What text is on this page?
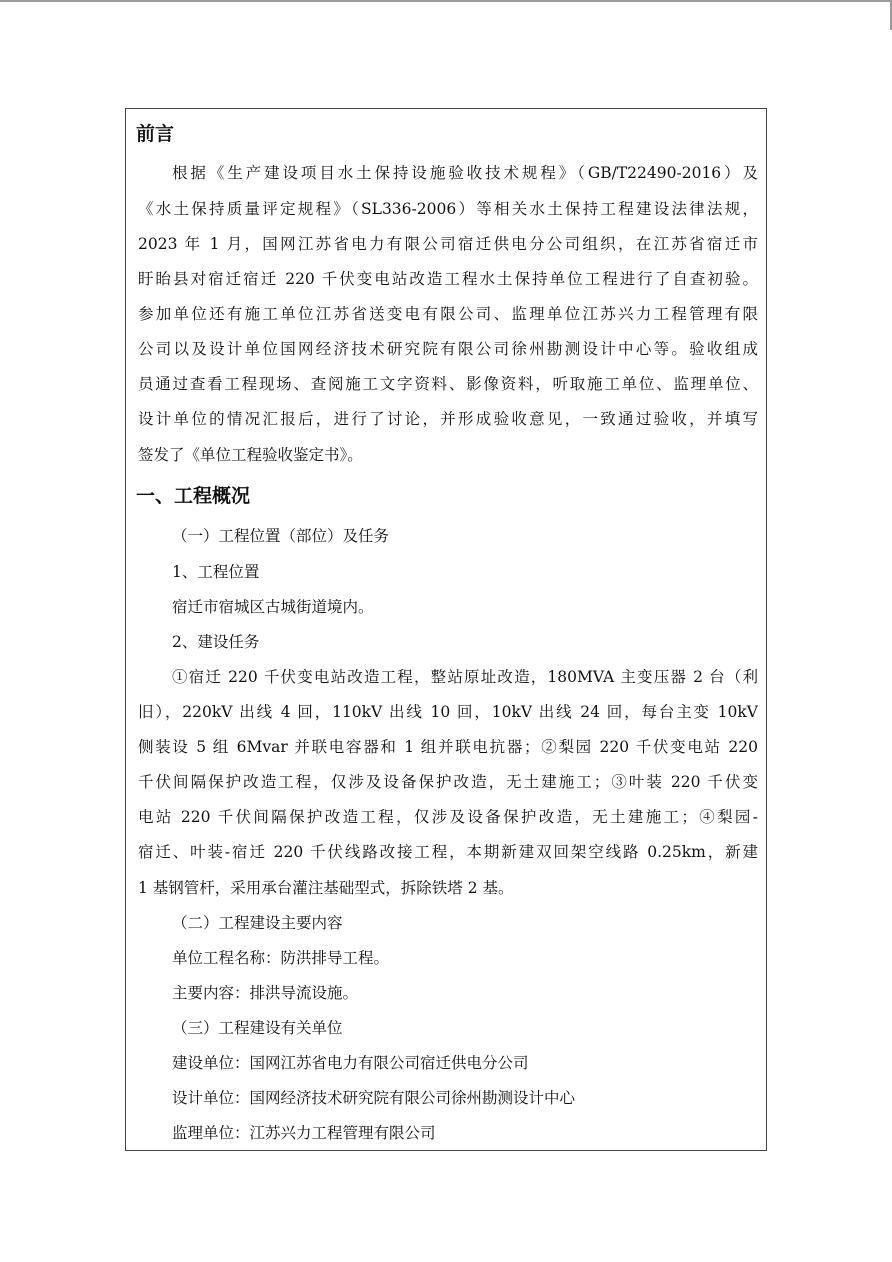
前言
根据《生产建设项目水土保持设施验收技术规程》（GB/T22490-2016）及
《水土保持质量评定规程》（SL336-2006）等相关水土保持工程建设法律法规，
2023 年 1 月，国网江苏省电力有限公司宿迁供电分公司组织，在江苏省宿迁市
盱眙县对宿迁宿迁 220 千伏变电站改造工程水土保持单位工程进行了自查初验。
参加单位还有施工单位江苏省送变电有限公司、监理单位江苏兴力工程管理有限
公司以及设计单位国网经济技术研究院有限公司徐州勘测设计中心等。验收组成
员通过查看工程现场、查阅施工文字资料、影像资料，听取施工单位、监理单位、
设计单位的情况汇报后，进行了讨论，并形成验收意见，一致通过验收，并填写
签发了《单位工程验收鉴定书》。
一、工程概况
（一）工程位置（部位）及任务
1、工程位置
宿迁市宿城区古城街道境内。
2、建设任务
①宿迁 220 千伏变电站改造工程，整站原址改造，180MVA 主变压器 2 台（利
旧），220kV 出线 4 回，110kV 出线 10 回，10kV 出线 24 回，每台主变 10kV
侧装设 5 组 6Mvar 并联电容器和 1 组并联电抗器；②梨园 220 千伏变电站 220
千伏间隔保护改造工程，仅涉及设备保护改造，无土建施工；③叶装 220 千伏变
电站 220 千伏间隔保护改造工程，仅涉及设备保护改造，无土建施工；④梨园-
宿迁、叶装-宿迁 220 千伏线路改接工程，本期新建双回架空线路 0.25km，新建
1 基钢管杆，采用承台灌注基础型式，拆除铁塔 2 基。
（二）工程建设主要内容
单位工程名称：防洪排导工程。
主要内容：排洪导流设施。
（三）工程建设有关单位
建设单位：国网江苏省电力有限公司宿迁供电分公司
设计单位：国网经济技术研究院有限公司徐州勘测设计中心
监理单位：江苏兴力工程管理有限公司
